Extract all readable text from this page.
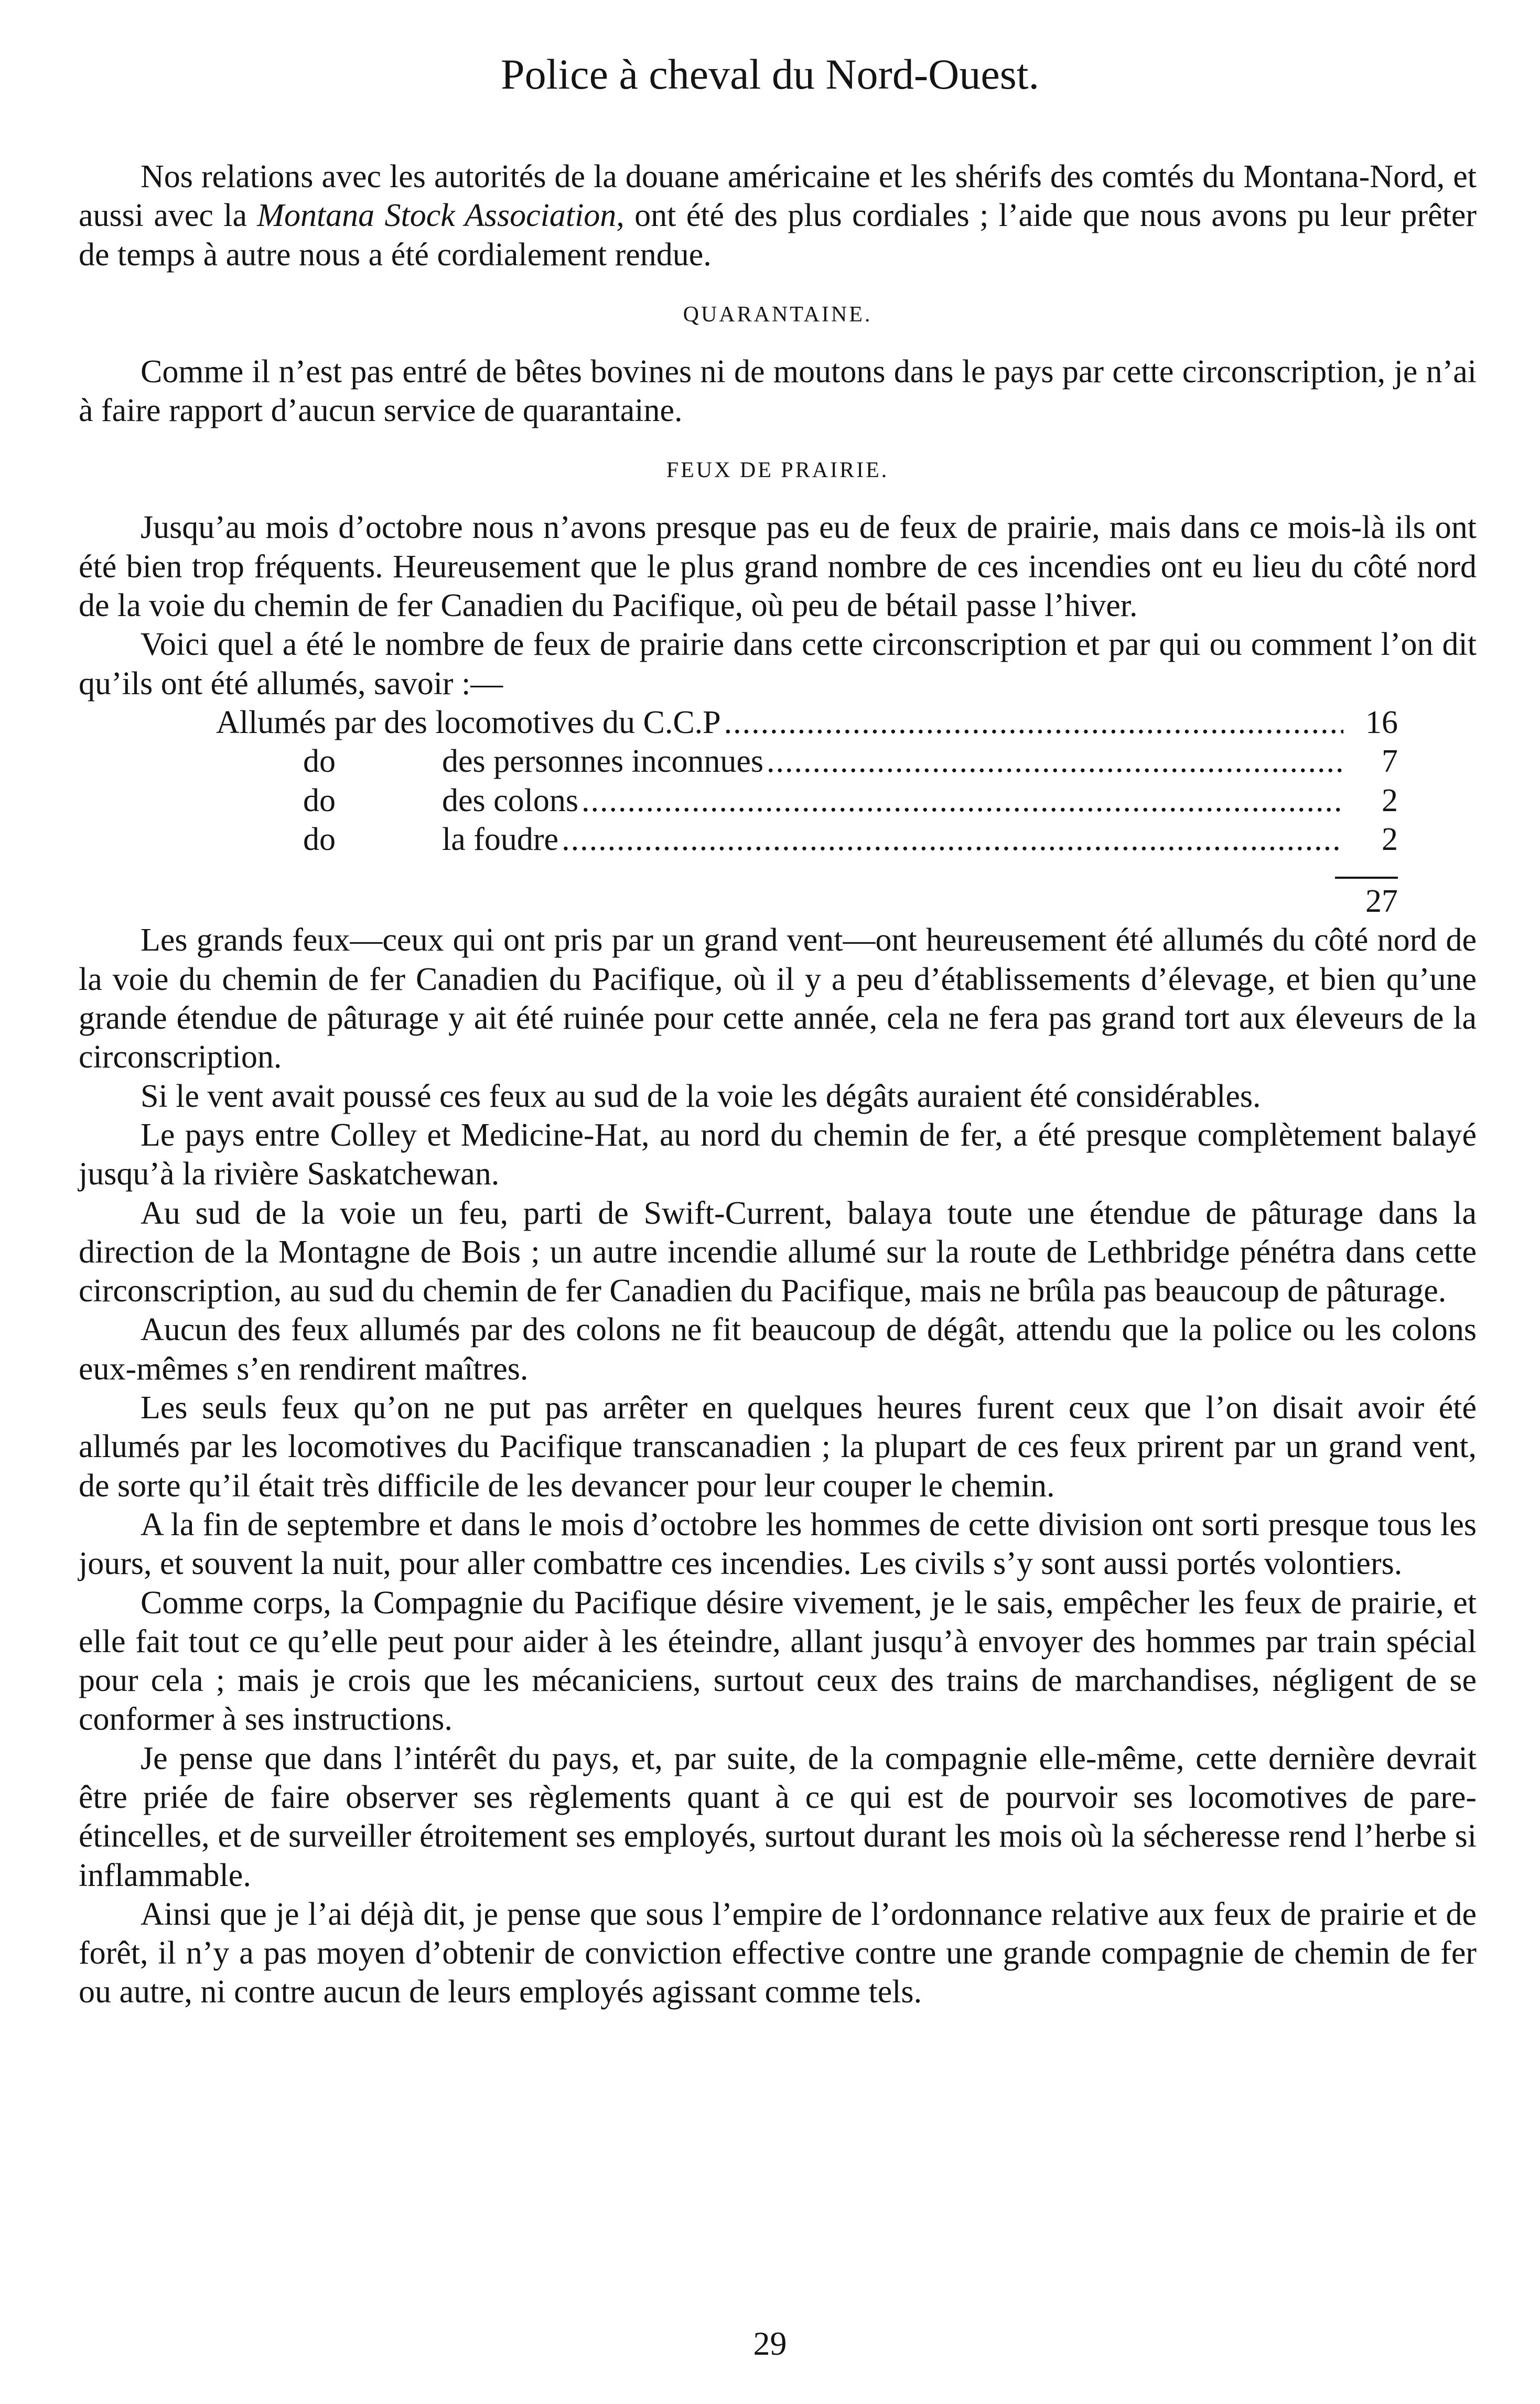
Police à cheval du Nord-Ouest.

Nos relations avec les autorités de la douane américaine et les shérifs des comtés du Montana-Nord, et aussi avec la Montana Stock Association, ont été des plus cordiales ; l’aide que nous avons pu leur prêter de temps à autre nous a été cordialement rendue.

QUARANTAINE.

Comme il n’est pas entré de bêtes bovines ni de moutons dans le pays par cette circonscription, je n’ai à faire rapport d’aucun service de quarantaine.

FEUX DE PRAIRIE.

Jusqu’au mois d’octobre nous n’avons presque pas eu de feux de prairie, mais dans ce mois-là ils ont été bien trop fréquents. Heureusement que le plus grand nombre de ces incendies ont eu lieu du côté nord de la voie du chemin de fer Canadien du Pacifique, où peu de bétail passe l’hiver.

Voici quel a été le nombre de feux de prairie dans cette circonscription et par qui ou comment l’on dit qu’ils ont été allumés, savoir :—

Allumés par des locomotives du C.C.P .....	16
do	des personnes inconnues .....	7
do	des colons .....	2
do	la foudre .....	2
27

Les grands feux—ceux qui ont pris par un grand vent—ont heureusement été allumés du côté nord de la voie du chemin de fer Canadien du Pacifique, où il y a peu d’établissements d’élevage, et bien qu’une grande étendue de pâturage y ait été ruinée pour cette année, cela ne fera pas grand tort aux éleveurs de la circonscription.

Si le vent avait poussé ces feux au sud de la voie les dégâts auraient été considérables.

Le pays entre Colley et Medicine-Hat, au nord du chemin de fer, a été presque complètement balayé jusqu’à la rivière Saskatchewan.

Au sud de la voie un feu, parti de Swift-Current, balaya toute une étendue de pâturage dans la direction de la Montagne de Bois ; un autre incendie allumé sur la route de Lethbridge pénétra dans cette circonscription, au sud du chemin de fer Canadien du Pacifique, mais ne brûla pas beaucoup de pâturage.

Aucun des feux allumés par des colons ne fit beaucoup de dégât, attendu que la police ou les colons eux-mêmes s’en rendirent maîtres.

Les seuls feux qu’on ne put pas arrêter en quelques heures furent ceux que l’on disait avoir été allumés par les locomotives du Pacifique transcanadien ; la plupart de ces feux prirent par un grand vent, de sorte qu’il était très difficile de les devancer pour leur couper le chemin.

A la fin de septembre et dans le mois d’octobre les hommes de cette division ont sorti presque tous les jours, et souvent la nuit, pour aller combattre ces incendies. Les civils s’y sont aussi portés volontiers.

Comme corps, la Compagnie du Pacifique désire vivement, je le sais, empêcher les feux de prairie, et elle fait tout ce qu’elle peut pour aider à les éteindre, allant jusqu’à envoyer des hommes par train spécial pour cela ; mais je crois que les mécaniciens, surtout ceux des trains de marchandises, négligent de se conformer à ses instructions.

Je pense que dans l’intérêt du pays, et, par suite, de la compagnie elle-même, cette dernière devrait être priée de faire observer ses règlements quant à ce qui est de pourvoir ses locomotives de pare-étincelles, et de surveiller étroitement ses employés, surtout durant les mois où la sécheresse rend l’herbe si inflammable.

Ainsi que je l’ai déjà dit, je pense que sous l’empire de l’ordonnance relative aux feux de prairie et de forêt, il n’y a pas moyen d’obtenir de conviction effective contre une grande compagnie de chemin de fer ou autre, ni contre aucun de leurs employés agissant comme tels.

29
